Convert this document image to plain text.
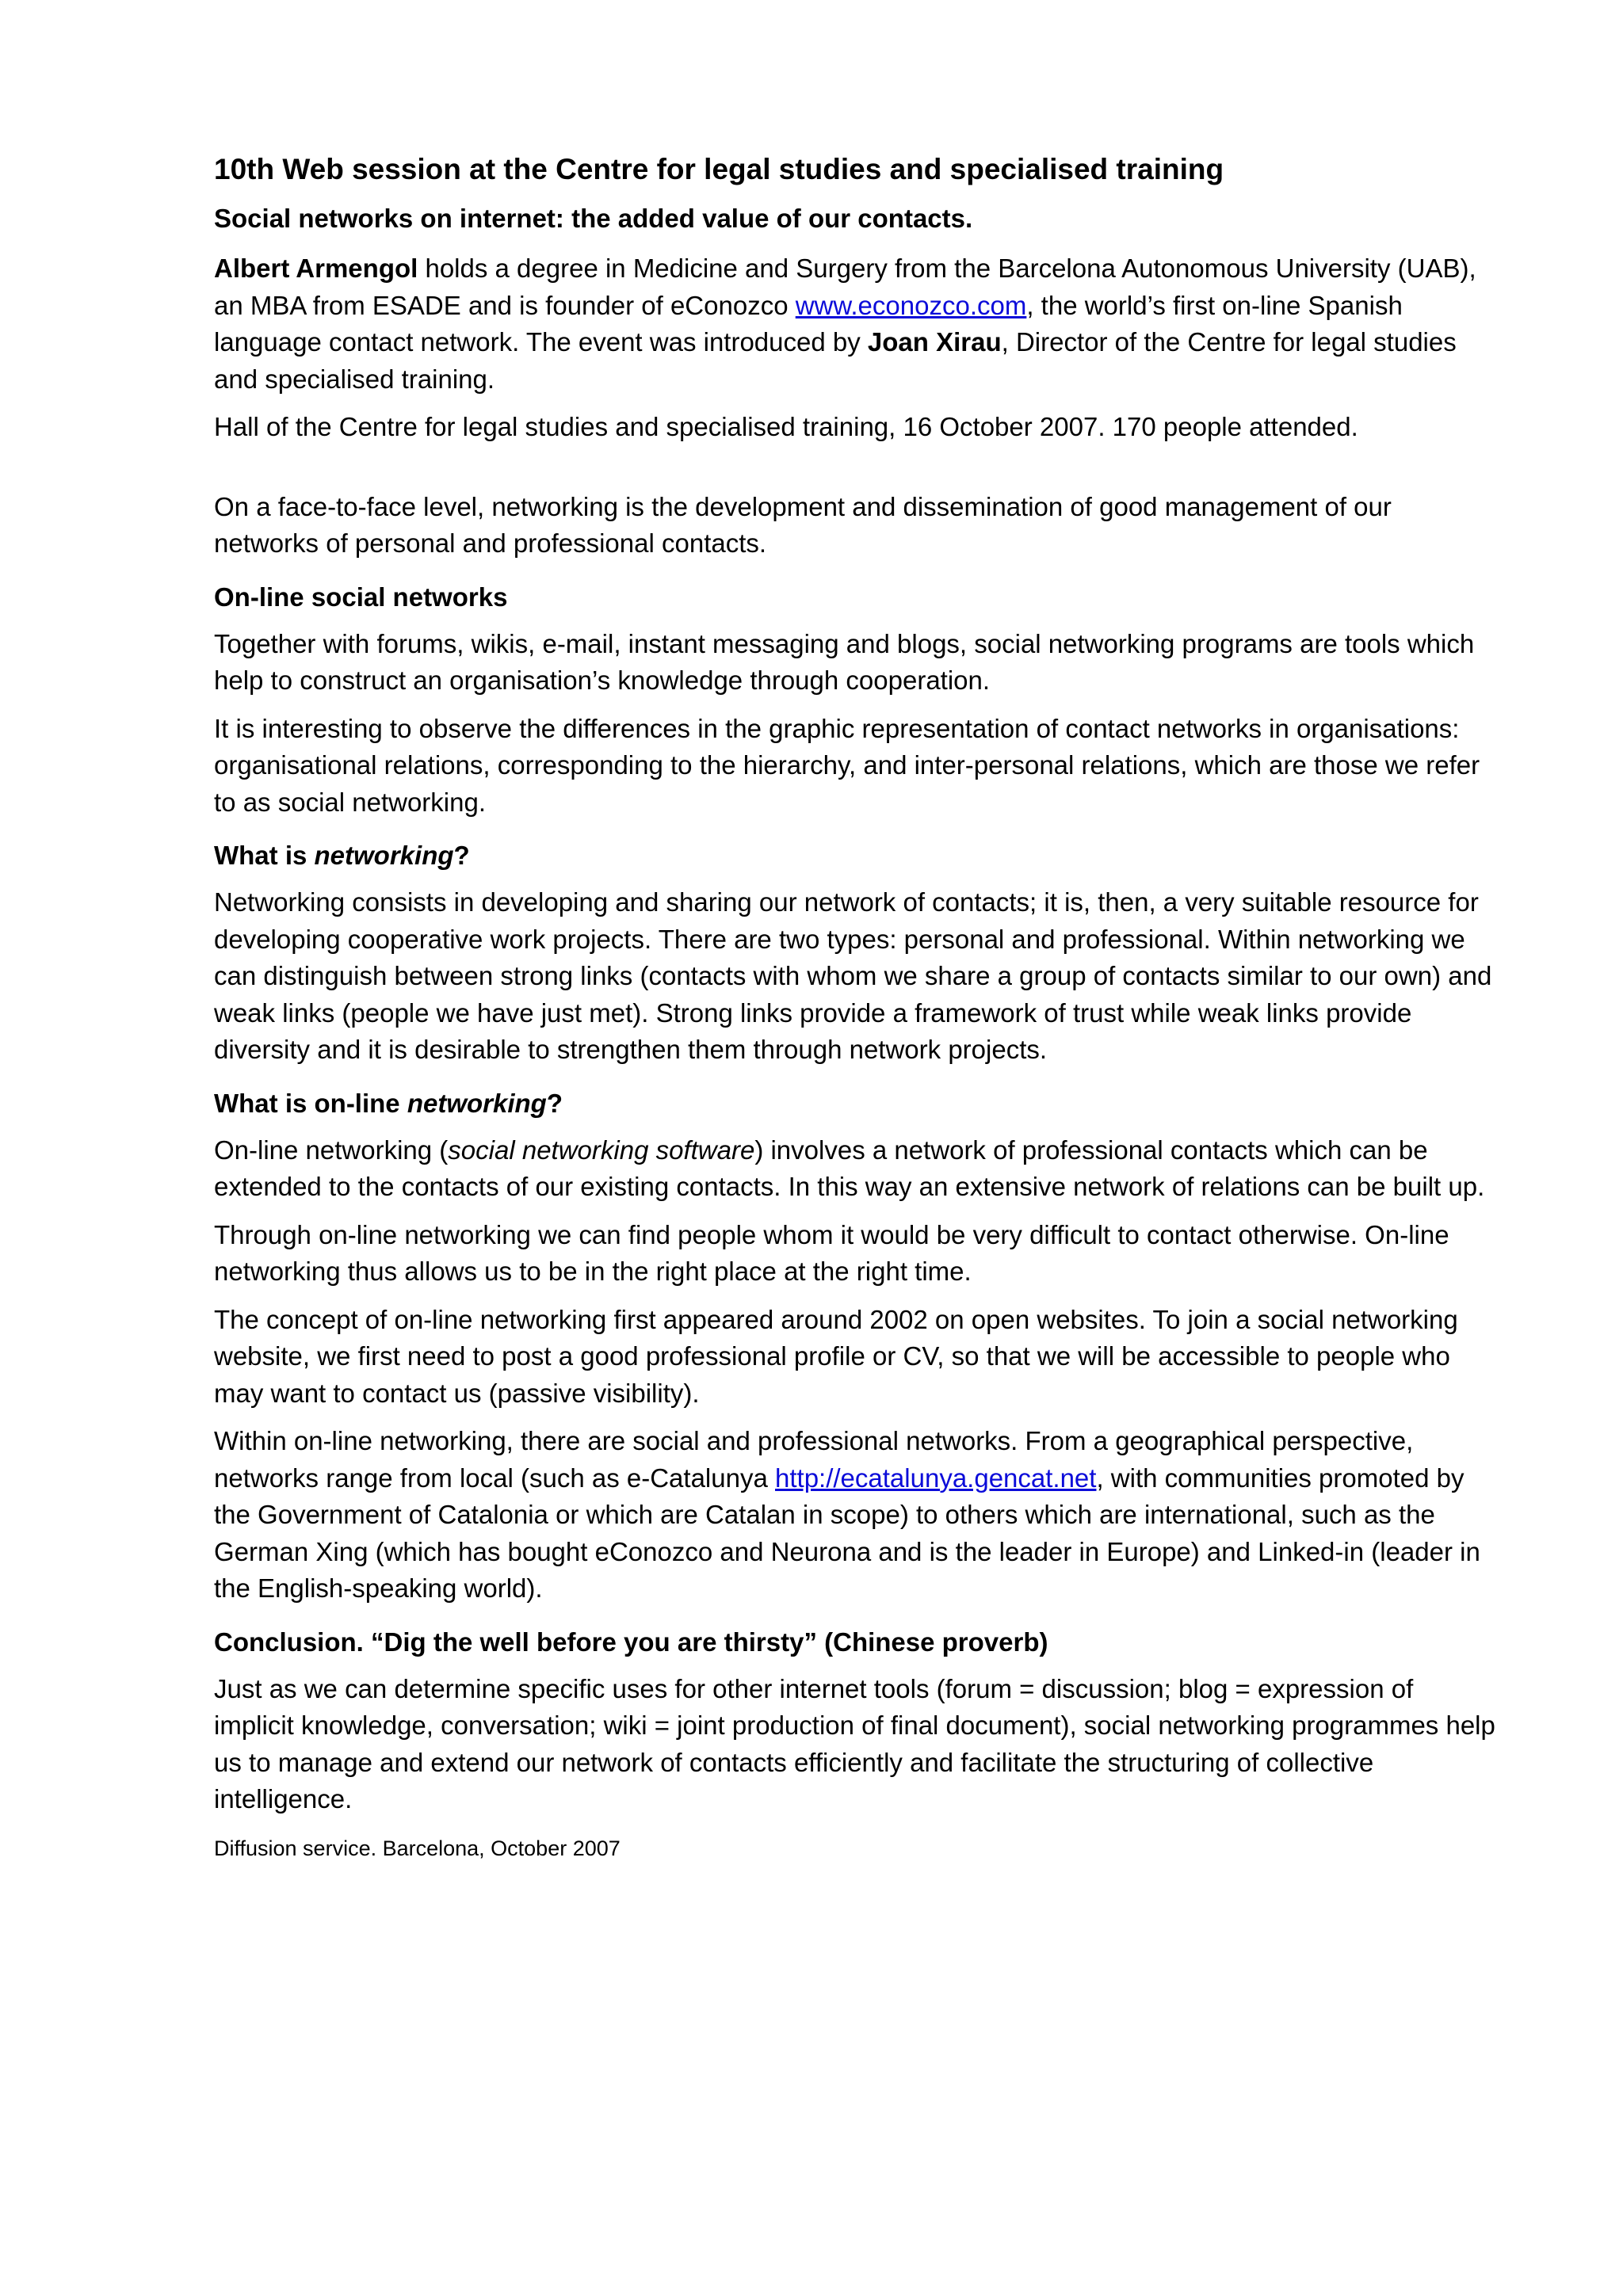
10th Web session at the Centre for legal studies and specialised training
Social networks on internet: the added value of our contacts.

Albert Armengol holds a degree in Medicine and Surgery from the Barcelona Autonomous University (UAB), an MBA from ESADE and is founder of eConozco www.econozco.com, the world’s first on-line Spanish language contact network. The event was introduced by Joan Xirau, Director of the Centre for legal studies and specialised training.

Hall of the Centre for legal studies and specialised training, 16 October 2007. 170 people attended.

On a face-to-face level, networking is the development and dissemination of good management of our networks of personal and professional contacts.

On-line social networks

Together with forums, wikis, e-mail, instant messaging and blogs, social networking programs are tools which help to construct an organisation’s knowledge through cooperation.

It is interesting to observe the differences in the graphic representation of contact networks in organisations: organisational relations, corresponding to the hierarchy, and inter-personal relations, which are those we refer to as social networking.

What is networking?

Networking consists in developing and sharing our network of contacts; it is, then, a very suitable resource for developing cooperative work projects. There are two types: personal and professional. Within networking we can distinguish between strong links (contacts with whom we share a group of contacts similar to our own) and weak links (people we have just met). Strong links provide a framework of trust while weak links provide diversity and it is desirable to strengthen them through network projects.

What is on-line networking?

On-line networking (social networking software) involves a network of professional contacts which can be extended to the contacts of our existing contacts. In this way an extensive network of relations can be built up.

Through on-line networking we can find people whom it would be very difficult to contact otherwise. On-line networking thus allows us to be in the right place at the right time.

The concept of on-line networking first appeared around 2002 on open websites. To join a social networking website, we first need to post a good professional profile or CV, so that we will be accessible to people who may want to contact us (passive visibility).

Within on-line networking, there are social and professional networks. From a geographical perspective, networks range from local (such as e-Catalunya http://ecatalunya.gencat.net, with communities promoted by the Government of Catalonia or which are Catalan in scope) to others which are international, such as the German Xing (which has bought eConozco and Neurona and is the leader in Europe) and Linked-in (leader in the English-speaking world).

Conclusion. “Dig the well before you are thirsty” (Chinese proverb)

Just as we can determine specific uses for other internet tools (forum = discussion; blog = expression of implicit knowledge, conversation; wiki = joint production of final document), social networking programmes help us to manage and extend our network of contacts efficiently and facilitate the structuring of collective intelligence.

Diffusion service. Barcelona, October 2007
